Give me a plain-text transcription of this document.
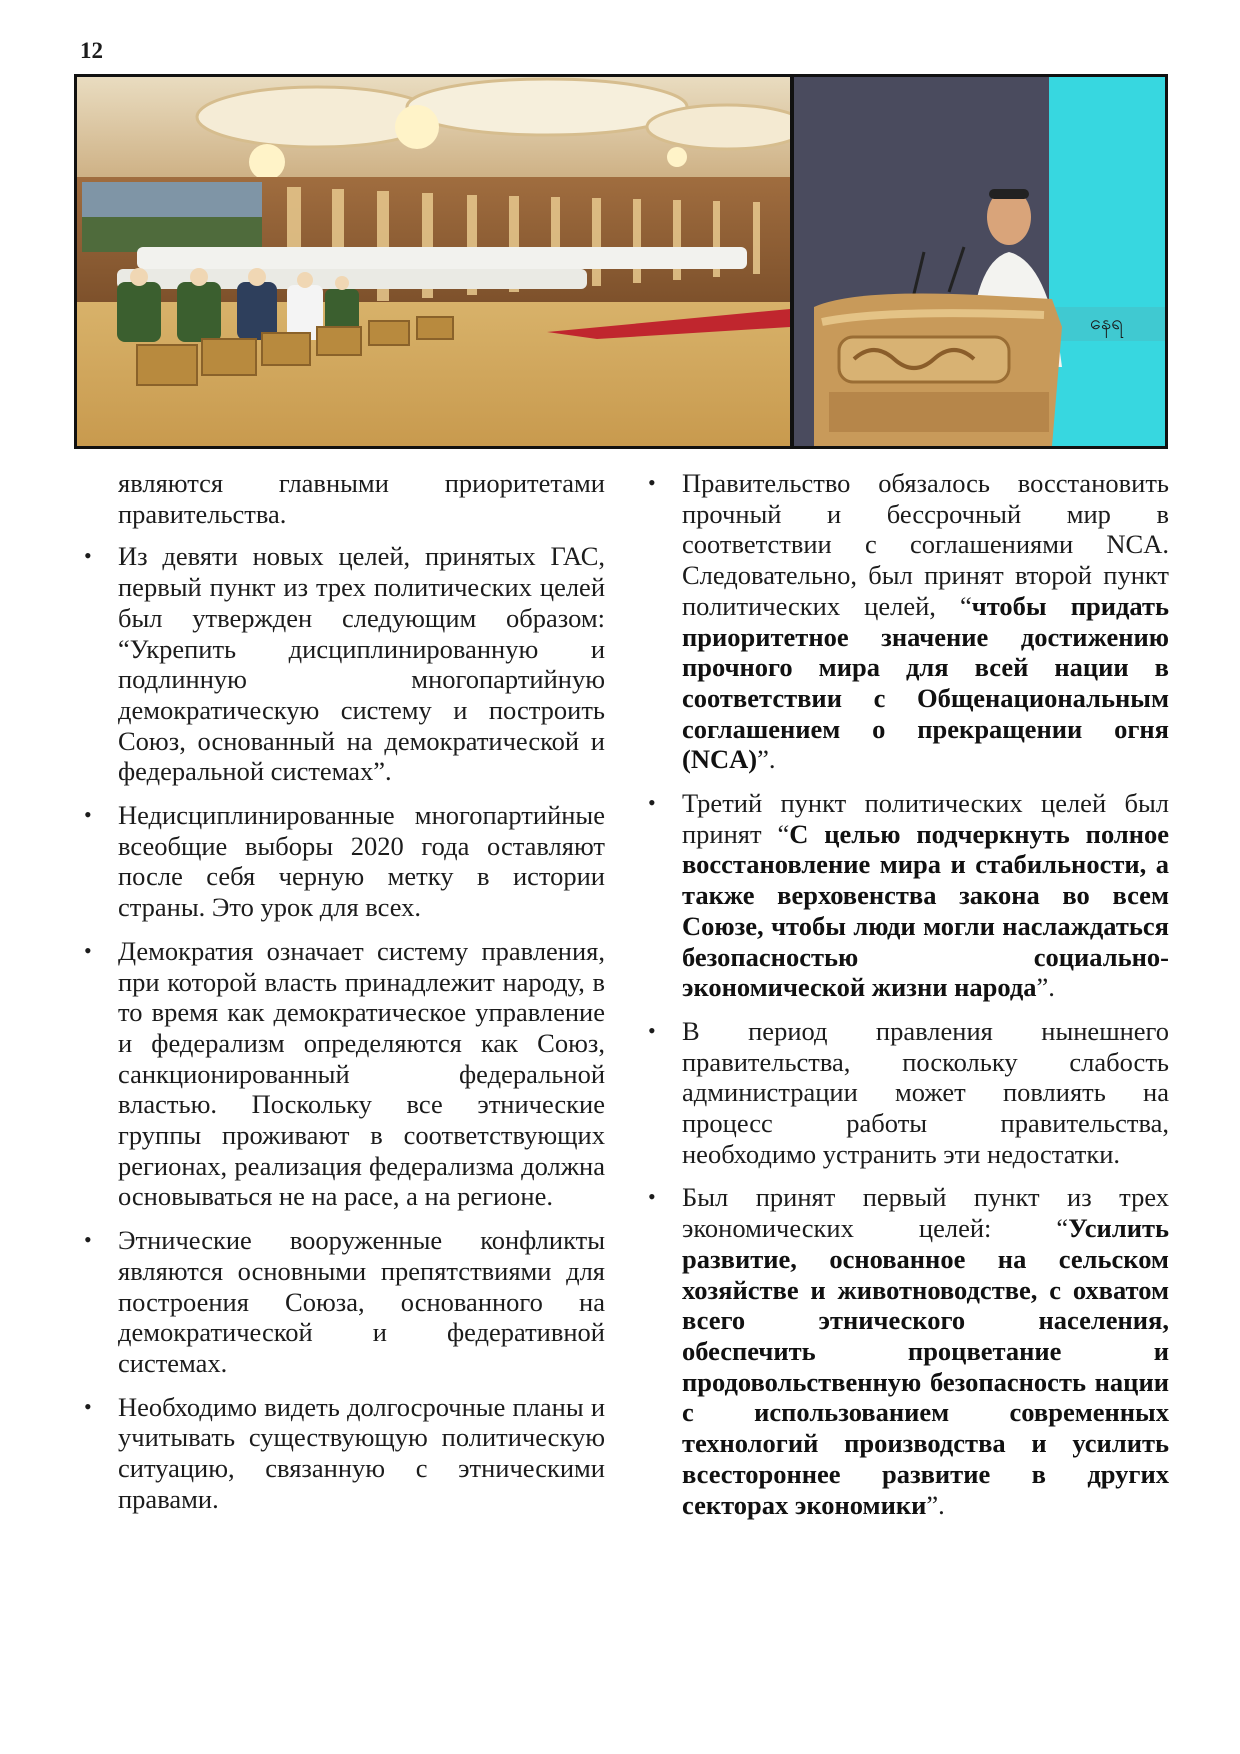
12
နေရ

являются главными приоритетами правительства.

• Из девяти новых целей, принятых ГАС, первый пункт из трех политических целей был утвержден следующим образом: “Укрепить дисциплинированную и подлинную многопартийную демократическую систему и построить Союз, основанный на демократической и федеральной системах”.
• Недисциплинированные многопартийные всеобщие выборы 2020 года оставляют после себя черную метку в истории страны. Это урок для всех.
• Демократия означает систему правления, при которой власть принадлежит народу, в то время как демократическое управление и федерализм определяются как Союз, санкционированный федеральной властью. Поскольку все этнические группы проживают в соответствующих регионах, реализация федерализма должна основываться не на расе, а на регионе.
• Этнические вооруженные конфликты являются основными препятствиями для построения Союза, основанного на демократической и федеративной системах.
• Необходимо видеть долгосрочные планы и учитывать существующую политическую ситуацию, связанную с этническими правами.
• Правительство обязалось восстановить прочный и бессрочный мир в соответствии с соглашениями NCA. Следовательно, был принят второй пункт политических целей, “чтобы придать приоритетное значение достижению прочного мира для всей нации в соответствии с Общенациональным соглашением о прекращении огня (NCA)”.
• Третий пункт политических целей был принят “С целью подчеркнуть полное восстановление мира и стабильности, а также верховенства закона во всем Союзе, чтобы люди могли наслаждаться безопасностью социально-экономической жизни народа”.
• В период правления нынешнего правительства, поскольку слабость администрации может повлиять на процесс работы правительства, необходимо устранить эти недостатки.
• Был принят первый пункт из трех экономических целей: “Усилить развитие, основанное на сельском хозяйстве и животноводстве, с охватом всего этнического населения, обеспечить процветание и продовольственную безопасность нации с использованием современных технологий производства и усилить всестороннее развитие в других секторах экономики”.
